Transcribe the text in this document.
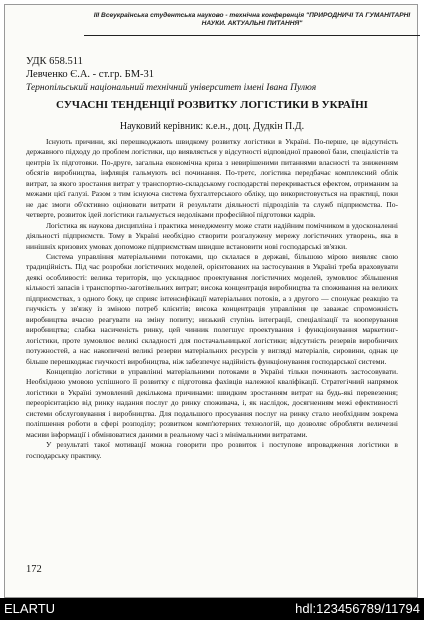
III Всеукраїнська студентська науково - технічна конференція "ПРИРОДНИЧІ ТА ГУМАНІТАРНІ НАУКИ. АКТУАЛЬНІ ПИТАННЯ"
УДК 658.511
Левченко Є.А. - ст.гр. БМ-31
Тернопільський національний технічний університет імені Івана Пулюя
СУЧАСНІ ТЕНДЕНЦІЇ РОЗВИТКУ ЛОГІСТИКИ В УКРАЇНІ
Науковий керівник: к.е.н., доц. Дудкін П.Д.

Існують причини, які перешкоджають швидкому розвитку логістики в Україні. По-перше, це відсутність державного підходу до проблем логістики, що виявляється у відсутності відповідної правової бази, спеціалістів та центрів їх підготовки. По-друге, загальна економічна криза з невирішеними питаннями власності та зниженням обсягів виробництва, інфляція гальмують всі починання. По-третє, логістика передбачає комплексний облік витрат, за якого зростання витрат у транспортно-складському господарстві перекривається ефектом, отриманим за межами цієї галузі. Разом з тим існуюча система бухгалтерського обліку, що використовується на практиці, поки не дає змоги об'єктивно оцінювати витрати й результати діяльності підрозділів та служб підприємства. По-четверте, розвиток ідей логістики гальмується недоліками професійної підготовки кадрів.

Логістика як наукова дисципліна і практика менеджменту може стати надійним помічником в удосконаленні діяльності підприємств. Тому в Україні необхідно створити розгалужену мережу логістичних утворень, яка в нинішніх кризових умовах допоможе підприємствам швидше встановити нові господарські зв'язки.

Система управління матеріальними потоками, що склалася в державі, більшою мірою виявляє свою традиційність. Під час розробки логістичних моделей, орієнтованих на застосування в Україні треба враховувати деякі особливості: велика територія, що ускладнює проектування логістичних моделей, зумовлює збільшення кількості запасів і транспортно-заготівельних витрат; висока концентрація виробництва та споживання на великих підприємствах, з одного боку, це сприяє інтенсифікації матеріальних потоків, а з другого — спонукає реакцію та гнучкість у зв'язку із зміною потреб клієнтів; висока концентрація управління це заважає спроможність виробництва вчасно реагувати на зміну попиту; низький ступінь інтеграції, спеціалізації та кооперування виробництва; слабка насиченість ринку, цей чинник полегшує проектування і функціонування маркетинг-логістики, проте зумовлює великі складності для постачальницької логістики; відсутність резервів виробничих потужностей, а нас накопичені великі резерви матеріальних ресурсів у вигляді матеріалів, сировини, однак це більше перешкоджає гнучкості виробництва, ніж забезпечує надійність функціонування господарської системи.

Концепцію логістики в управлінні матеріальними потоками в Україні тільки починають застосовувати. Необхідною умовою успішного її розвитку є підготовка фахівців належної кваліфікації. Стратегічний напрямок логістики в Україні зумовлений декількома причинами: швидким зростанням витрат на будь-які перевезення; переорієнтацією від ринку надання послуг до ринку споживача, і, як наслідок, досягненням межі ефективності системи обслуговування і виробництва. Для подальшого просування послуг на ринку стало необхідним зокрема поліпшення роботи в сфері розподілу; розвитком комп'ютерних технологій, що дозволяє обробляти величезні масиви інформації і обмінюватися даними в реальному часі з мінімальними витратами.

У результаті такої мотивації можна говорити про розвиток і поступове впровадження логістики в господарську практику.

172
ELARTU	hdl:123456789/11794
